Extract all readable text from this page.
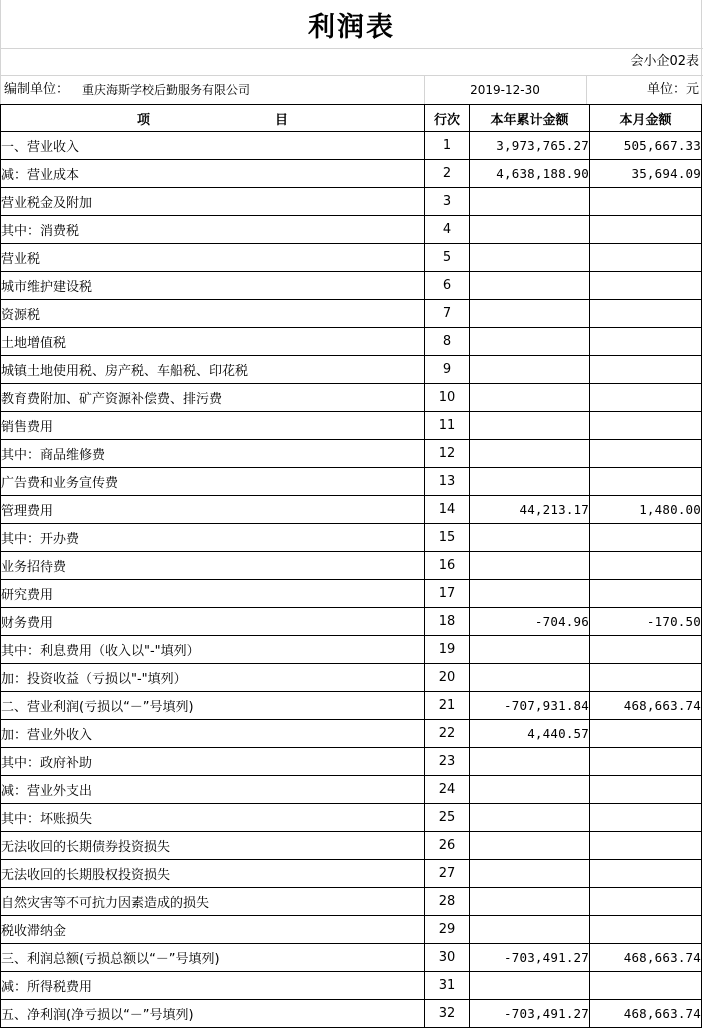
利润表
会小企02表
编制单位： 重庆海斯学校后勤服务有限公司	2019-12-30	单位：元
项 目	行次	本年累计金额	本月金额
一、营业收入	1	3,973,765.27	505,667.33
减：营业成本	2	4,638,188.90	35,694.09
营业税金及附加	3		
其中：消费税	4		
营业税	5		
城市维护建设税	6		
资源税	7		
土地增值税	8		
城镇土地使用税、房产税、车船税、印花税	9		
教育费附加、矿产资源补偿费、排污费	10		
销售费用	11		
其中：商品维修费	12		
广告费和业务宣传费	13		
管理费用	14	44,213.17	1,480.00
其中：开办费	15		
业务招待费	16		
研究费用	17		
财务费用	18	-704.96	-170.50
其中：利息费用（收入以"-"填列）	19		
加：投资收益（亏损以"-"填列）	20		
二、营业利润(亏损以“－”号填列)	21	-707,931.84	468,663.74
加：营业外收入	22	4,440.57	
其中：政府补助	23		
减：营业外支出	24		
其中：坏账损失	25		
无法收回的长期债券投资损失	26		
无法收回的长期股权投资损失	27		
自然灾害等不可抗力因素造成的损失	28		
税收滞纳金	29		
三、利润总额(亏损总额以“－”号填列)	30	-703,491.27	468,663.74
减：所得税费用	31		
五、净利润(净亏损以“－”号填列)	32	-703,491.27	468,663.74
